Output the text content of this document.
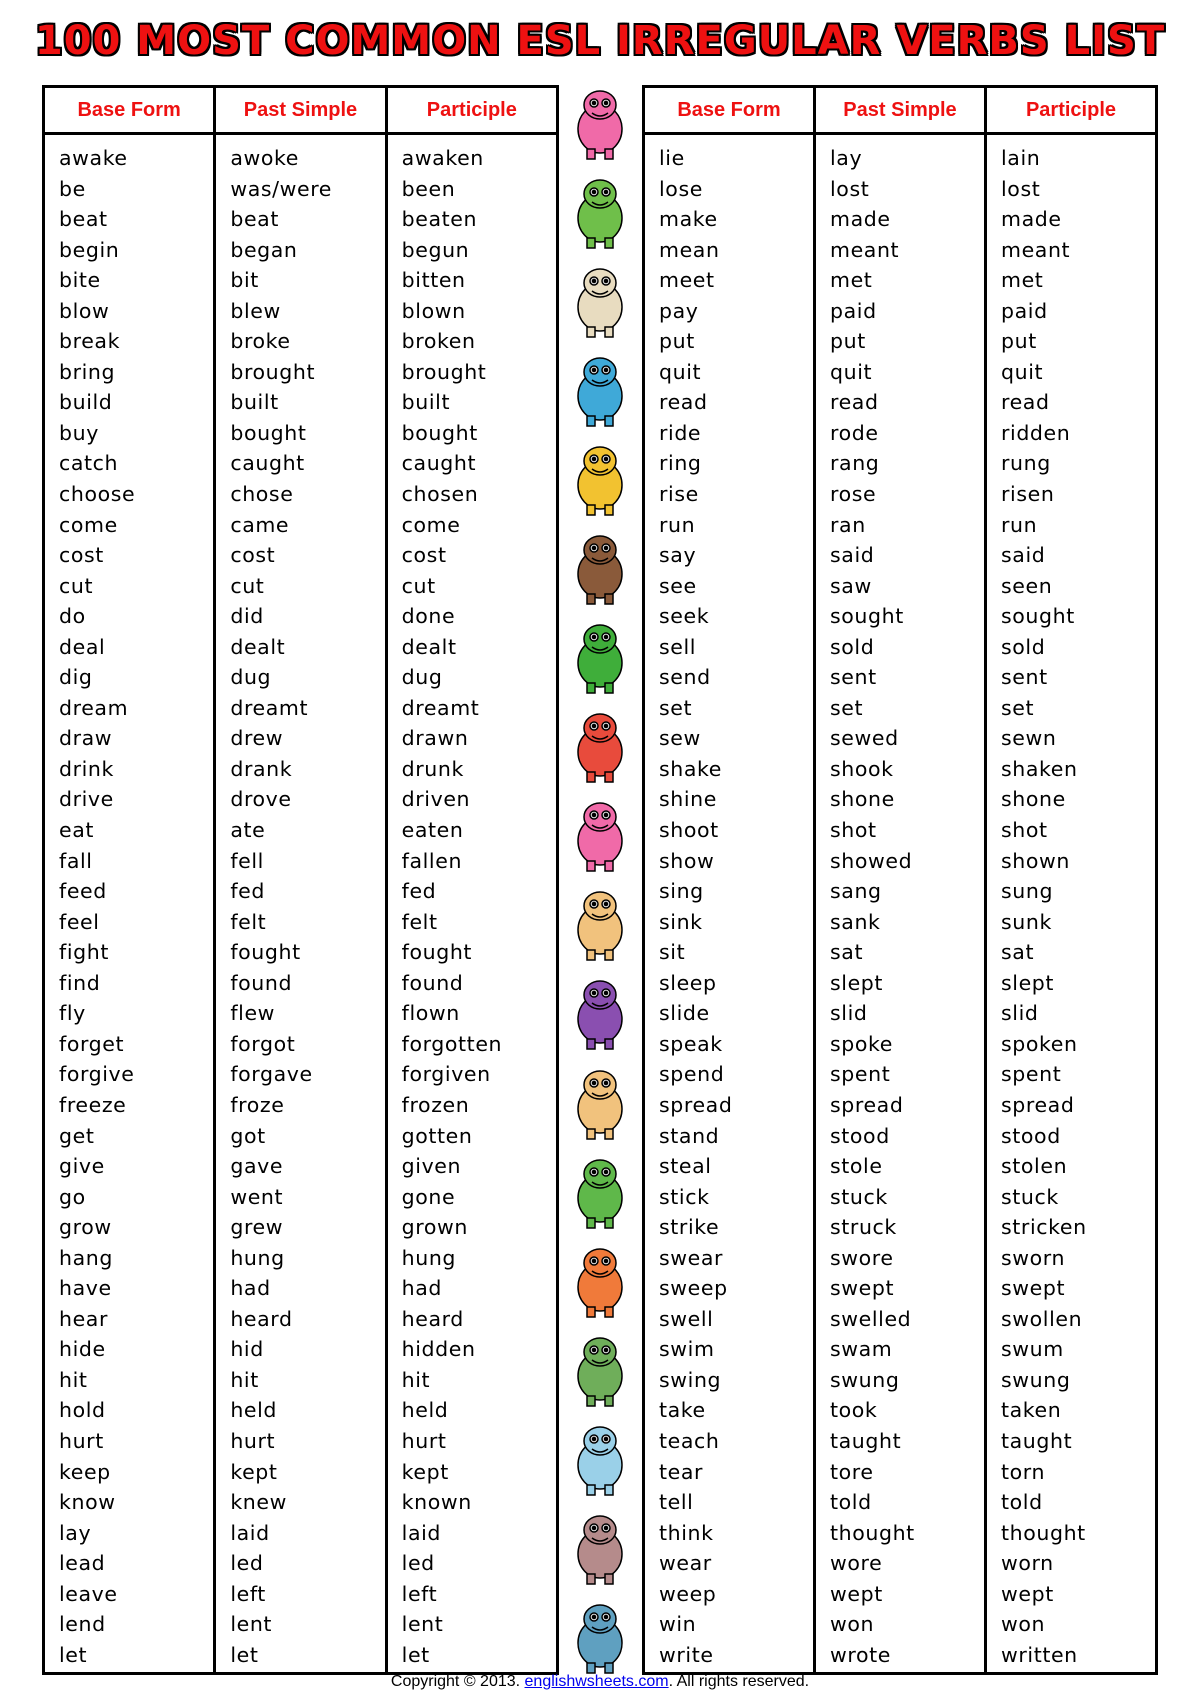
100 MOST COMMON ESL IRREGULAR VERBS LIST
Base Form
awake
be
beat
begin
bite
blow
break
bring
build
buy
catch
choose
come
cost
cut
do
deal
dig
dream
draw
drink
drive
eat
fall
feed
feel
fight
find
fly
forget
forgive
freeze
get
give
go
grow
hang
have
hear
hide
hit
hold
hurt
keep
know
lay
lead
leave
lend
let
Past Simple
awoke
was/were
beat
began
bit
blew
broke
brought
built
bought
caught
chose
came
cost
cut
did
dealt
dug
dreamt
drew
drank
drove
ate
fell
fed
felt
fought
found
flew
forgot
forgave
froze
got
gave
went
grew
hung
had
heard
hid
hit
held
hurt
kept
knew
laid
led
left
lent
let
Participle
awaken
been
beaten
begun
bitten
blown
broken
brought
built
bought
caught
chosen
come
cost
cut
done
dealt
dug
dreamt
drawn
drunk
driven
eaten
fallen
fed
felt
fought
found
flown
forgotten
forgiven
frozen
gotten
given
gone
grown
hung
had
heard
hidden
hit
held
hurt
kept
known
laid
led
left
lent
let
Base Form
lie
lose
make
mean
meet
pay
put
quit
read
ride
ring
rise
run
say
see
seek
sell
send
set
sew
shake
shine
shoot
show
sing
sink
sit
sleep
slide
speak
spend
spread
stand
steal
stick
strike
swear
sweep
swell
swim
swing
take
teach
tear
tell
think
wear
weep
win
write
Past Simple
lay
lost
made
meant
met
paid
put
quit
read
rode
rang
rose
ran
said
saw
sought
sold
sent
set
sewed
shook
shone
shot
showed
sang
sank
sat
slept
slid
spoke
spent
spread
stood
stole
stuck
struck
swore
swept
swelled
swam
swung
took
taught
tore
told
thought
wore
wept
won
wrote
Participle
lain
lost
made
meant
met
paid
put
quit
read
ridden
rung
risen
run
said
seen
sought
sold
sent
set
sewn
shaken
shone
shot
shown
sung
sunk
sat
slept
slid
spoken
spent
spread
stood
stolen
stuck
stricken
sworn
swept
swollen
swum
swung
taken
taught
torn
told
thought
worn
wept
won
written
Copyright © 2013. englishwsheets.com. All rights reserved.
